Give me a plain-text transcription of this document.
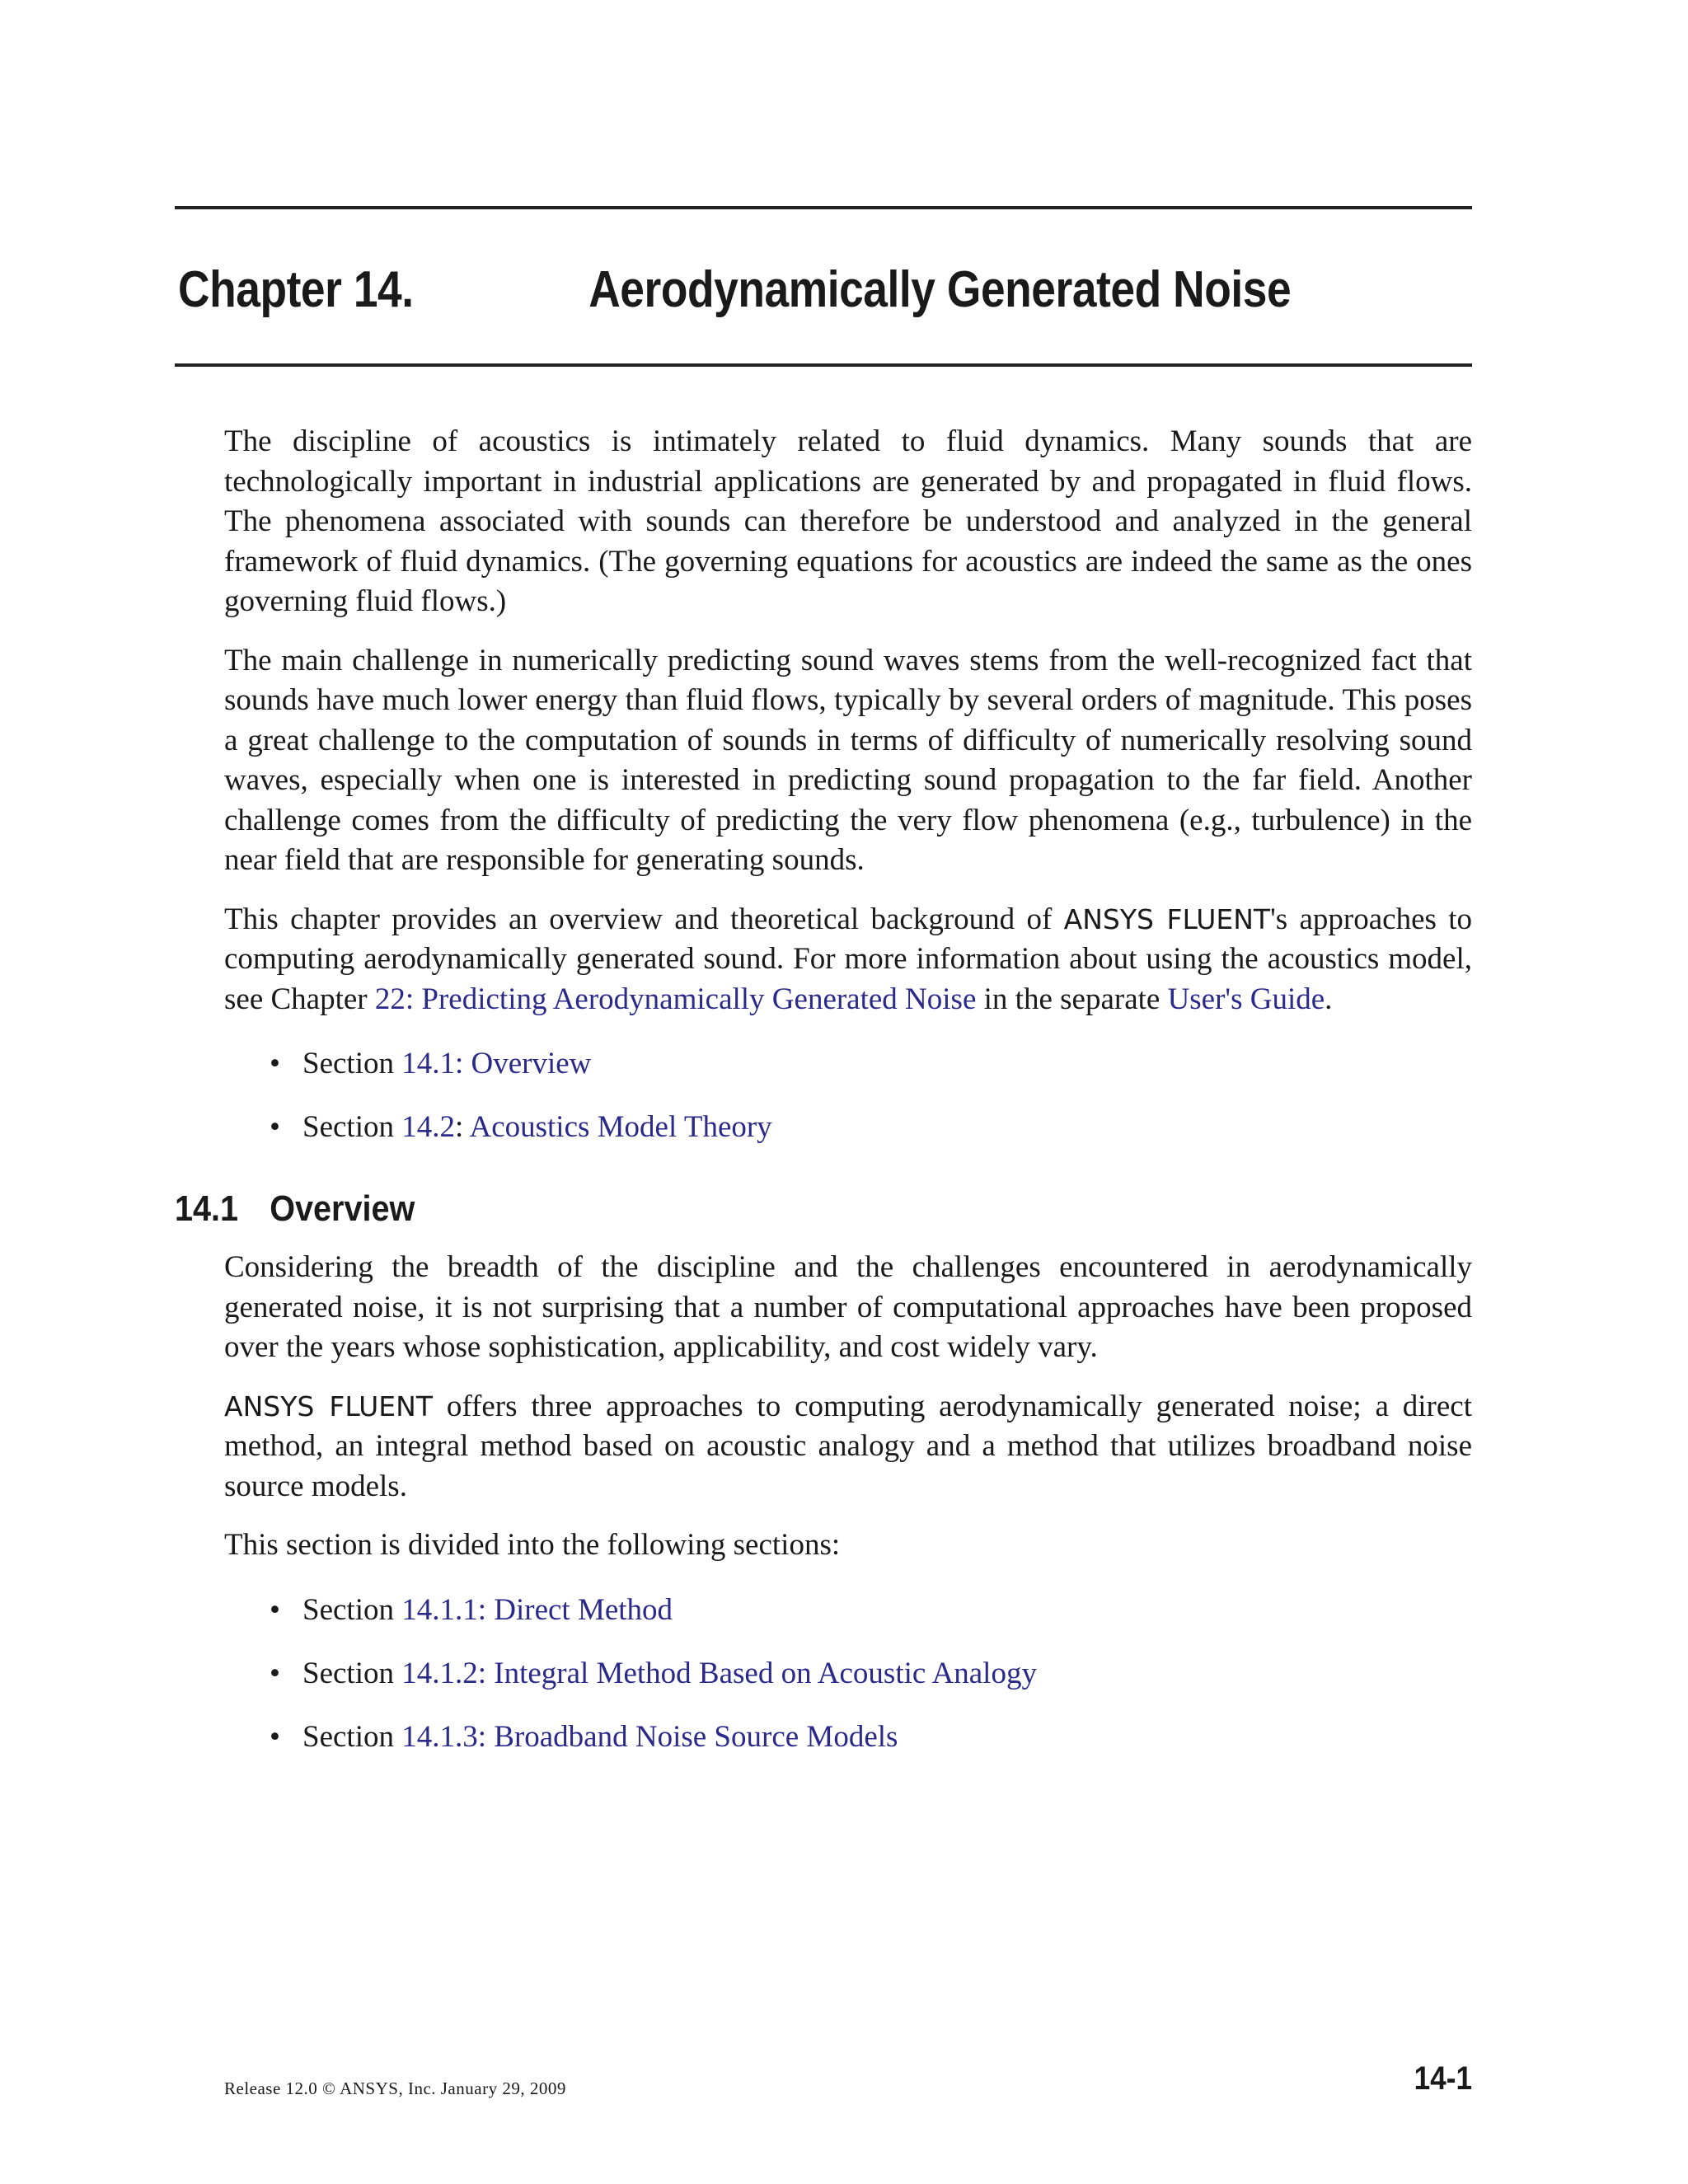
Chapter 14.	Aerodynamically Generated Noise

The discipline of acoustics is intimately related to fluid dynamics. Many sounds that are technologically important in industrial applications are generated by and propagated in fluid flows. The phenomena associated with sounds can therefore be understood and analyzed in the general framework of fluid dynamics. (The governing equations for acoustics are indeed the same as the ones governing fluid flows.)

The main challenge in numerically predicting sound waves stems from the well-recognized fact that sounds have much lower energy than fluid flows, typically by several orders of magnitude. This poses a great challenge to the computation of sounds in terms of difficulty of numerically resolving sound waves, especially when one is interested in predicting sound propagation to the far field. Another challenge comes from the difficulty of predicting the very flow phenomena (e.g., turbulence) in the near field that are responsible for generating sounds.

This chapter provides an overview and theoretical background of ANSYS FLUENT's approaches to computing aerodynamically generated sound. For more information about using the acoustics model, see Chapter 22: Predicting Aerodynamically Generated Noise in the separate User's Guide.

• Section 14.1: Overview
• Section 14.2: Acoustics Model Theory
14.1 Overview

Considering the breadth of the discipline and the challenges encountered in aerodynamically generated noise, it is not surprising that a number of computational approaches have been proposed over the years whose sophistication, applicability, and cost widely vary.

ANSYS FLUENT offers three approaches to computing aerodynamically generated noise; a direct method, an integral method based on acoustic analogy and a method that utilizes broadband noise source models.

This section is divided into the following sections:

• Section 14.1.1: Direct Method
• Section 14.1.2: Integral Method Based on Acoustic Analogy
• Section 14.1.3: Broadband Noise Source Models
Release 12.0 © ANSYS, Inc. January 29, 2009	14-1
